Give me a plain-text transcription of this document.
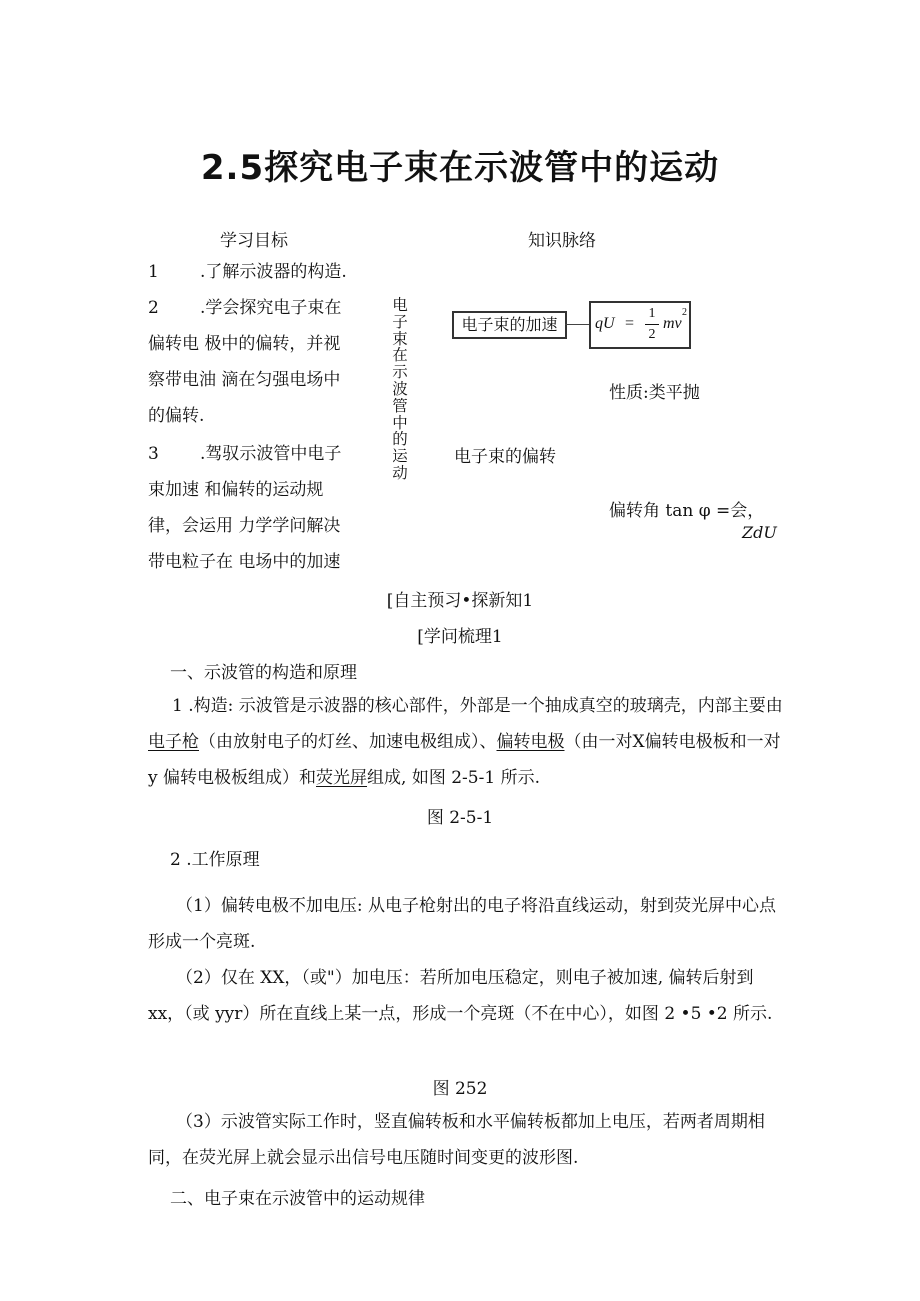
2.5探究电子束在示波管中的运动
学习目标	知识脉络
1 .了解示波器的构造.
2 .学会探究电子束在
偏转电 极中的偏转，并视
察带电油 滴在匀强电场中
的偏转.
3 .驾驭示波管中电子
束加速 和偏转的运动规
律，会运用 力学学问解决
带电粒子在 电场中的加速
电子束在示波管中的运动
电子束的加速	qU =
1
2
mv
2
性质:类平抛
电子束的偏转
偏转角 tan φ =会，
ZdU
[自主预习•探新知1
[学问梳理1
一、示波管的构造和原理
1 .构造: 示波管是示波器的核心部件，外部是一个抽成真空的玻璃壳，内部主要由电子枪（由放射电子的灯丝、加速电极组成）、偏转电极（由一对X偏转电极板和一对 y 偏转电极板组成）和荧光屏组成, 如图 2-5-1 所示.
图 2-5-1
2 .工作原理
（1）偏转电极不加电压: 从电子枪射出的电子将沿直线运动，射到荧光屏中心点形成一个亮斑.
（2）仅在 XX，（或"）加电压：若所加电压稳定，则电子被加速, 偏转后射到 xx，（或 yyr）所在直线上某一点，形成一个亮斑（不在中心），如图 2 •5 •2 所示.
图 252
（3）示波管实际工作时，竖直偏转板和水平偏转板都加上电压，若两者周期相同，在荧光屏上就会显示出信号电压随时间变更的波形图.
二、电子束在示波管中的运动规律
